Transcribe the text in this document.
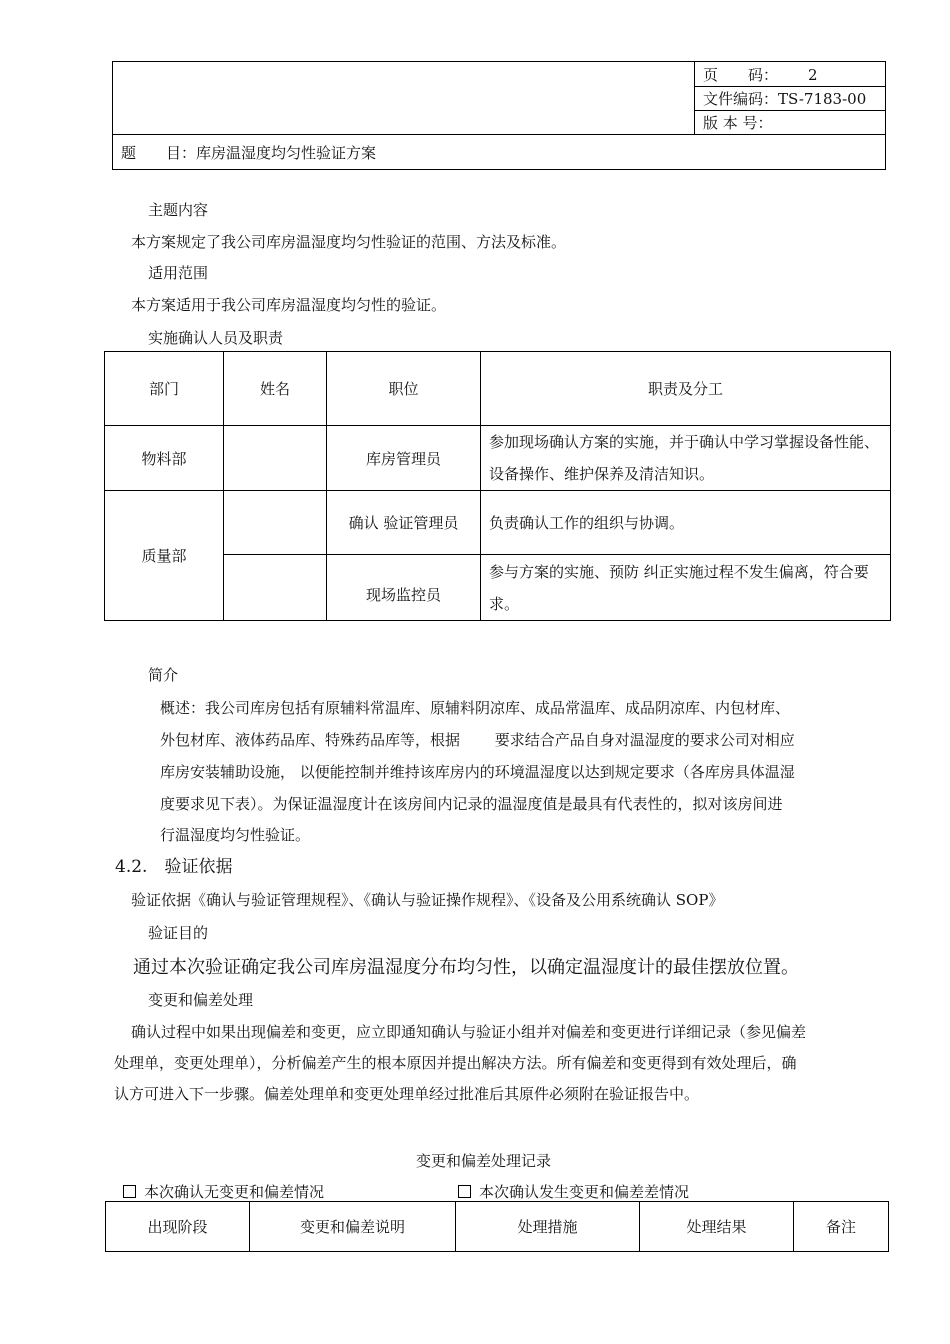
	页　　码： 2
文件编码：TS-7183-00
版 本 号：
题　　目：库房温湿度均匀性验证方案
主题内容
本方案规定了我公司库房温湿度均匀性验证的范围、方法及标准。
适用范围
本方案适用于我公司库房温湿度均匀性的验证。
实施确认人员及职责
部门	姓名	职位	职责及分工
物料部		库房管理员	参加现场确认方案的实施，并于确认中学习掌握设备性能、设备操作、维护保养及清洁知识。
质量部		确认 验证管理员	负责确认工作的组织与协调。
		现场监控员	参与方案的实施、预防 纠正实施过程不发生偏离，符合要求。
简介
概述：我公司库房包括有原辅料常温库、原辅料阴凉库、成品常温库、成品阴凉库、内包材库、
外包材库、液体药品库、特殊药品库等，根据　　 要求结合产品自身对温湿度的要求公司对相应
库房安装辅助设施， 以便能控制并维持该库房内的环境温湿度以达到规定要求（各库房具体温湿
度要求见下表）。为保证温湿度计在该房间内记录的温湿度值是最具有代表性的，拟对该房间进
行温湿度均匀性验证。
4.2.　验证依据
验证依据《确认与验证管理规程》、《确认与验证操作规程》、《设备及公用系统确认 SOP》
验证目的
通过本次验证确定我公司库房温湿度分布均匀性，以确定温湿度计的最佳摆放位置。
变更和偏差处理
确认过程中如果出现偏差和变更，应立即通知确认与验证小组并对偏差和变更进行详细记录（参见偏差
处理单，变更处理单），分析偏差产生的根本原因并提出解决方法。所有偏差和变更得到有效处理后，确
认方可进入下一步骤。偏差处理单和变更处理单经过批准后其原件必须附在验证报告中。
变更和偏差处理记录
本次确认无变更和偏差情况	本次确认发生变更和偏差差情况
出现阶段	变更和偏差说明	处理措施	处理结果	备注
